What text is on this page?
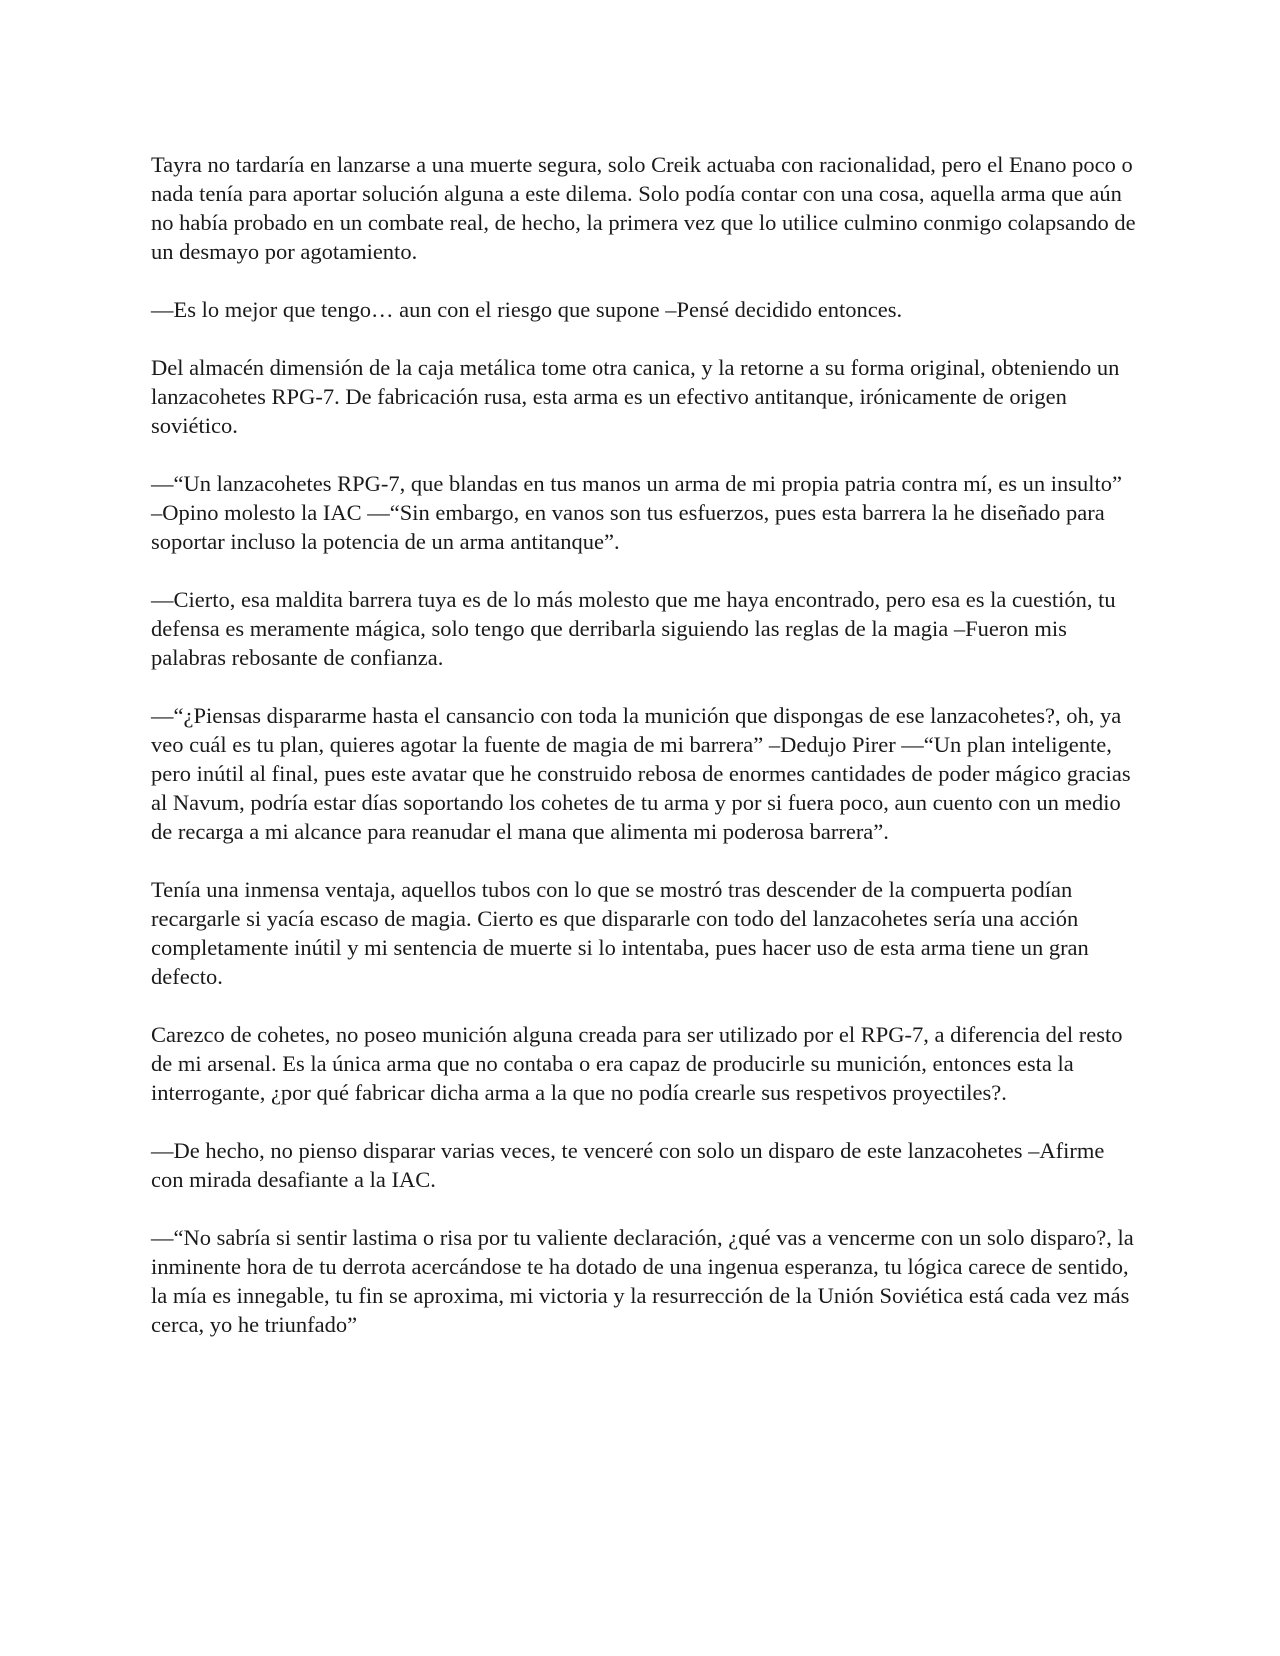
Tayra no tardaría en lanzarse a una muerte segura, solo Creik actuaba con racionalidad, pero el Enano poco o nada tenía para aportar solución alguna a este dilema. Solo podía contar con una cosa, aquella arma que aún no había probado en un combate real, de hecho, la primera vez que lo utilice culmino conmigo colapsando de un desmayo por agotamiento.

—Es lo mejor que tengo… aun con el riesgo que supone –Pensé decidido entonces.

Del almacén dimensión de la caja metálica tome otra canica, y la retorne a su forma original, obteniendo un lanzacohetes RPG-7. De fabricación rusa, esta arma es un efectivo antitanque, irónicamente de origen soviético.

—“Un lanzacohetes RPG-7, que blandas en tus manos un arma de mi propia patria contra mí, es un insulto” –Opino molesto la IAC —“Sin embargo, en vanos son tus esfuerzos, pues esta barrera la he diseñado para soportar incluso la potencia de un arma antitanque”.

—Cierto, esa maldita barrera tuya es de lo más molesto que me haya encontrado, pero esa es la cuestión, tu defensa es meramente mágica, solo tengo que derribarla siguiendo las reglas de la magia –Fueron mis palabras rebosante de confianza.

—“¿Piensas dispararme hasta el cansancio con toda la munición que dispongas de ese lanzacohetes?, oh, ya veo cuál es tu plan, quieres agotar la fuente de magia de mi barrera” –Dedujo Pirer —“Un plan inteligente, pero inútil al final, pues este avatar que he construido rebosa de enormes cantidades de poder mágico gracias al Navum, podría estar días soportando los cohetes de tu arma y por si fuera poco, aun cuento con un medio de recarga a mi alcance para reanudar el mana que alimenta mi poderosa barrera”.

Tenía una inmensa ventaja, aquellos tubos con lo que se mostró tras descender de la compuerta podían recargarle si yacía escaso de magia. Cierto es que dispararle con todo del lanzacohetes sería una acción completamente inútil y mi sentencia de muerte si lo intentaba, pues hacer uso de esta arma tiene un gran defecto.

Carezco de cohetes, no poseo munición alguna creada para ser utilizado por el RPG-7, a diferencia del resto de mi arsenal. Es la única arma que no contaba o era capaz de producirle su munición, entonces esta la interrogante, ¿por qué fabricar dicha arma a la que no podía crearle sus respetivos proyectiles?.

—De hecho, no pienso disparar varias veces, te venceré con solo un disparo de este lanzacohetes –Afirme con mirada desafiante a la IAC.

—“No sabría si sentir lastima o risa por tu valiente declaración, ¿qué vas a vencerme con un solo disparo?, la inminente hora de tu derrota acercándose te ha dotado de una ingenua esperanza, tu lógica carece de sentido, la mía es innegable, tu fin se aproxima, mi victoria y la resurrección de la Unión Soviética está cada vez más cerca, yo he triunfado”
